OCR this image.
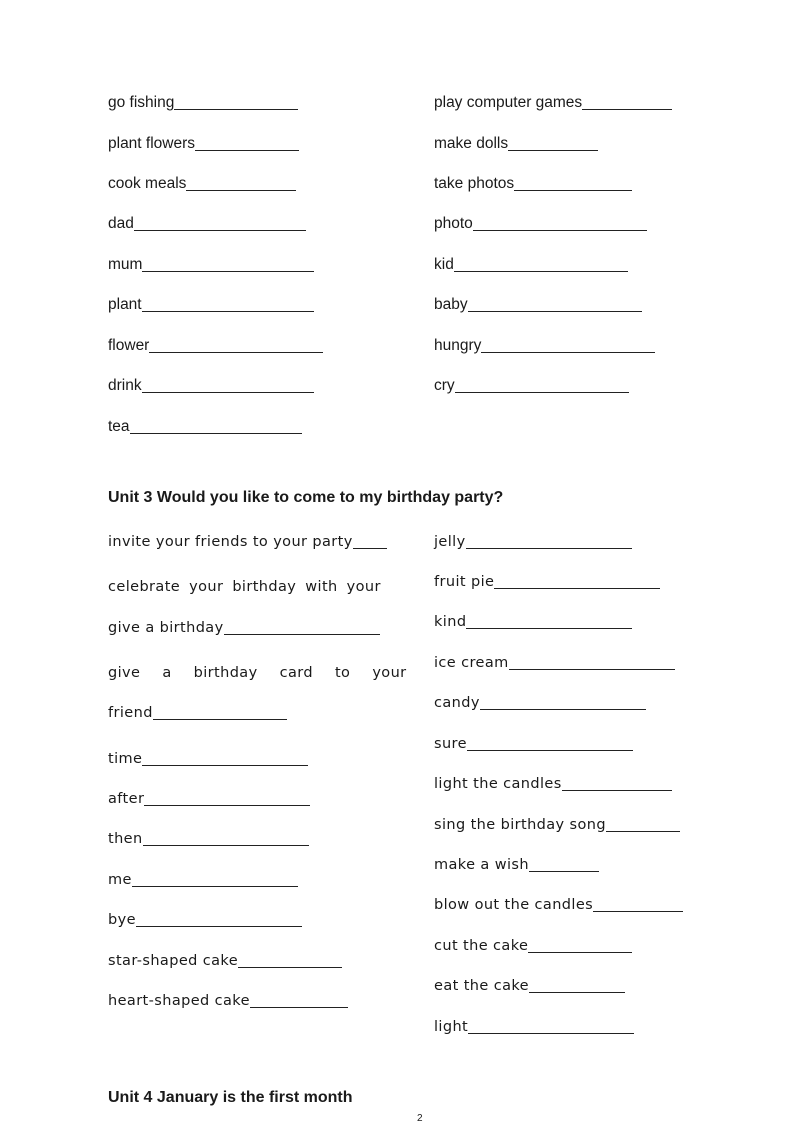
go fishing
plant flowers
cook meals
dad
mum
plant
flower
drink
tea
play computer games
make dolls
take photos
photo
kid
baby
hungry
cry
Unit 3 Would you like to come to my birthday party?
invite your friends to your party
celebrate your birthday with your
give a birthday
give a birthday card to your
friend
time
after
then
me
bye
star-shaped cake
heart-shaped cake
jelly
fruit pie
kind
ice cream
candy
sure
light the candles
sing the birthday song
make a wish
blow out the candles
cut the cake
eat the cake
light
Unit 4 January is the first month
2
